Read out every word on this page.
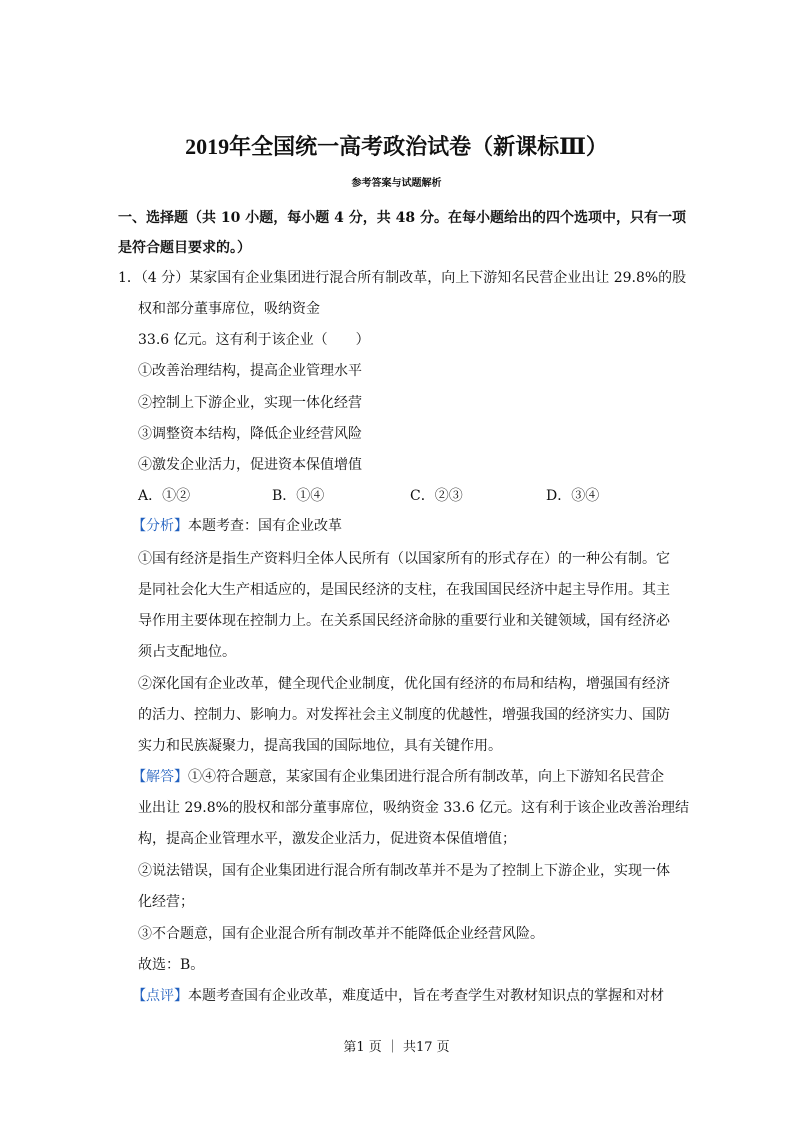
2019年全国统一高考政治试卷（新课标Ⅲ）
参考答案与试题解析
一、选择题（共 10 小题，每小题 4 分，共 48 分。在每小题给出的四个选项中，只有一项
是符合题目要求的。）
1．（4 分）某家国有企业集团进行混合所有制改革，向上下游知名民营企业出让 29.8%的股
权和部分董事席位，吸纳资金
33.6 亿元。这有利于该企业（　　）
①改善治理结构，提高企业管理水平
②控制上下游企业，实现一体化经营
③调整资本结构，降低企业经营风险
④激发企业活力，促进资本保值增值
A．①②	B．①④	C．②③	D．③④
【分析】本题考查：国有企业改革
①国有经济是指生产资料归全体人民所有（以国家所有的形式存在）的一种公有制。它
是同社会化大生产相适应的，是国民经济的支柱，在我国国民经济中起主导作用。其主
导作用主要体现在控制力上。在关系国民经济命脉的重要行业和关键领域，国有经济必
须占支配地位。
②深化国有企业改革，健全现代企业制度，优化国有经济的布局和结构，增强国有经济
的活力、控制力、影响力。对发挥社会主义制度的优越性，增强我国的经济实力、国防
实力和民族凝聚力，提高我国的国际地位，具有关键作用。
【解答】①④符合题意，某家国有企业集团进行混合所有制改革，向上下游知名民营企
业出让 29.8%的股权和部分董事席位，吸纳资金 33.6 亿元。这有利于该企业改善治理结
构，提高企业管理水平，激发企业活力，促进资本保值增值；
②说法错误，国有企业集团进行混合所有制改革并不是为了控制上下游企业，实现一体
化经营；
③不合题意，国有企业混合所有制改革并不能降低企业经营风险。
故选：B。
【点评】本题考查国有企业改革，难度适中，旨在考查学生对教材知识点的掌握和对材
第1 页 ｜ 共17 页
